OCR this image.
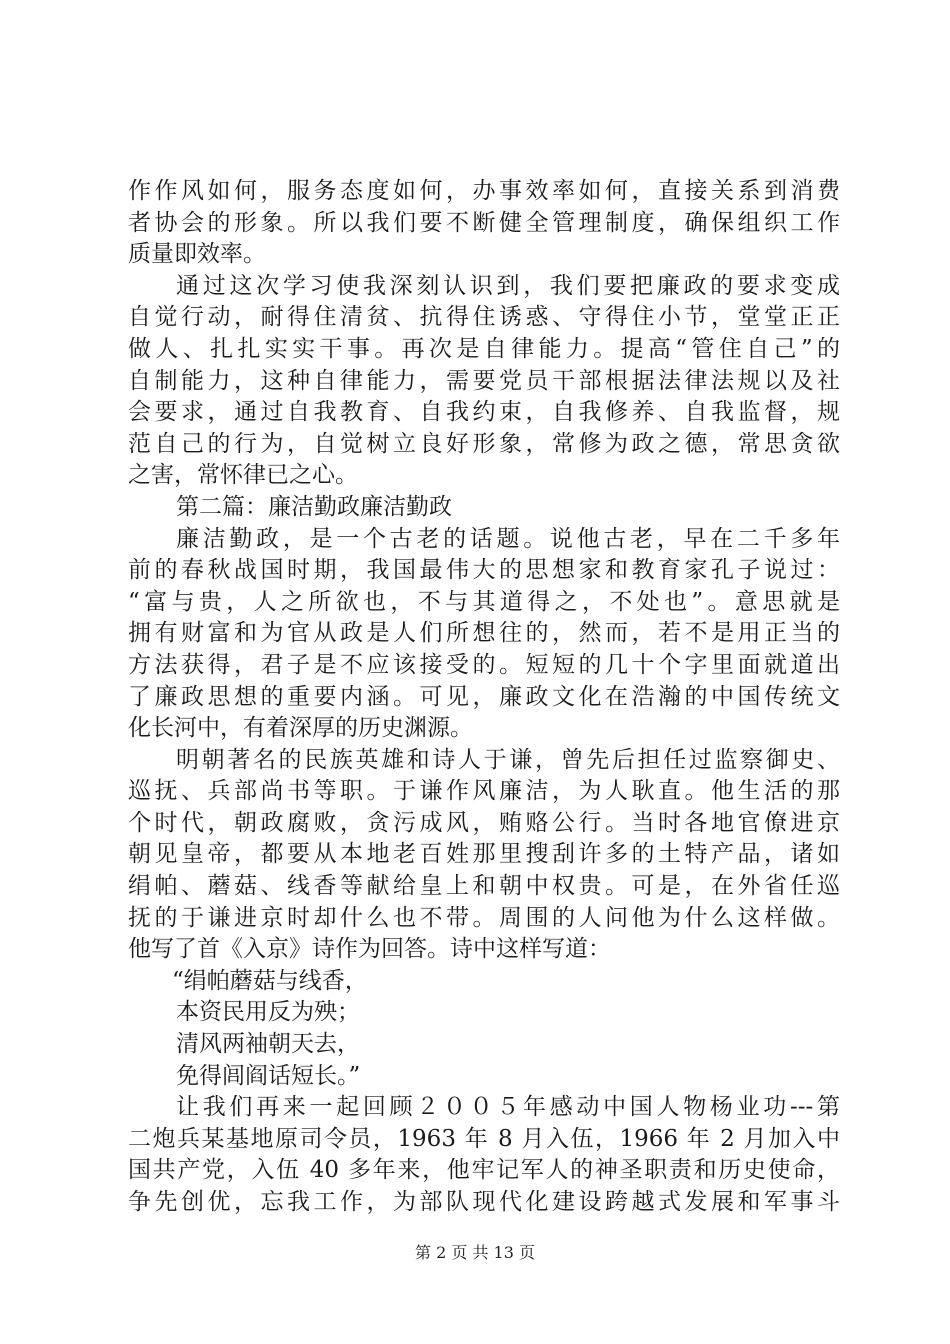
作作风如何，服务态度如何，办事效率如何，直接关系到消费
者协会的形象。所以我们要不断健全管理制度，确保组织工作
质量即效率。
通过这次学习使我深刻认识到，我们要把廉政的要求变成
自觉行动，耐得住清贫、抗得住诱惑、守得住小节，堂堂正正
做人、扎扎实实干事。再次是自律能力。提高“管住自己”的
自制能力，这种自律能力，需要党员干部根据法律法规以及社
会要求，通过自我教育、自我约束，自我修养、自我监督，规
范自己的行为，自觉树立良好形象，常修为政之德，常思贪欲
之害，常怀律已之心。
第二篇：廉洁勤政廉洁勤政
廉洁勤政，是一个古老的话题。说他古老，早在二千多年
前的春秋战国时期，我国最伟大的思想家和教育家孔子说过：
“富与贵，人之所欲也，不与其道得之，不处也”。意思就是
拥有财富和为官从政是人们所想往的，然而，若不是用正当的
方法获得，君子是不应该接受的。短短的几十个字里面就道出
了廉政思想的重要内涵。可见，廉政文化在浩瀚的中国传统文
化长河中，有着深厚的历史渊源。
明朝著名的民族英雄和诗人于谦，曾先后担任过监察御史、
巡抚、兵部尚书等职。于谦作风廉洁，为人耿直。他生活的那
个时代，朝政腐败，贪污成风，贿赂公行。当时各地官僚进京
朝见皇帝，都要从本地老百姓那里搜刮许多的土特产品，诸如
绢帕、蘑菇、线香等献给皇上和朝中权贵。可是，在外省任巡
抚的于谦进京时却什么也不带。周围的人问他为什么这样做。
他写了首《入京》诗作为回答。诗中这样写道：
“绢帕蘑菇与线香，
本资民用反为殃；
清风两袖朝天去，
免得闾阎话短长。”
让我们再来一起回顾２００５年感动中国人物杨业功---第
二炮兵某基地原司令员，1963 年 8 月入伍，1966 年 2 月加入中
国共产党，入伍 40 多年来，他牢记军人的神圣职责和历史使命，
争先创优，忘我工作，为部队现代化建设跨越式发展和军事斗
第 2 页 共 13 页
